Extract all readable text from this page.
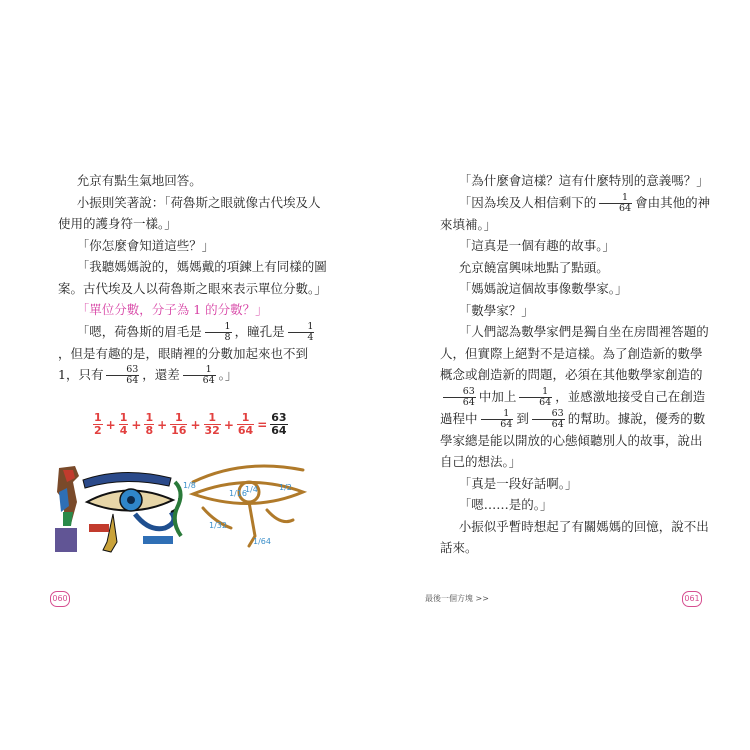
允京有點生氣地回答。

小振則笑著說：「荷魯斯之眼就像古代埃及人使用的護身符一樣。」

「你怎麼會知道這些？」

「我聽媽媽說的，媽媽戴的項鍊上有同樣的圖案。古代埃及人以荷魯斯之眼來表示單位分數。」

「單位分數，分子為 1 的分數？」

「嗯，荷魯斯的眉毛是 $\frac{1}{8}$ ，瞳孔是 $\frac{1}{4}$
，但是有趣的是，眼睛裡的分數加起來也不到 1，只有 $\frac{63}{64}$ ，還差 $\frac{1}{64}$ 。」

$\frac{1}{2} + \frac{1}{4} + \frac{1}{8} + \frac{1}{16} + \frac{1}{32} + \frac{1}{64} = \frac{63}{64}$
1/8
1/16
1/4	1/2
1/32
1/64
060

「為什麼會這樣？這有什麼特別的意義嗎？」

「因為埃及人相信剩下的 $\frac{1}{64}$ 會由其他的神來填補。」

「這真是一個有趣的故事。」

允京饒富興味地點了點頭。

「媽媽說這個故事像數學家。」

「數學家？」

「人們認為數學家們是獨自坐在房間裡答題的人，但實際上絕對不是這樣。為了創造新的數學概念或創造新的問題，必須在其他數學家創造的
$\frac{63}{64}$ 中加上 $\frac{1}{64}$ ，並感激地接受自己在創造過程中 $\frac{1}{64}$ 到 $\frac{63}{64}$ 的幫助。據說，優秀的數學家總是能以開放的心態傾聽別人的故事，說出自己的想法。」

「真是一段好話啊。」

「嗯……是的。」

小振似乎暫時想起了有關媽媽的回憶，說不出話來。

最後一個方塊 >>	061
